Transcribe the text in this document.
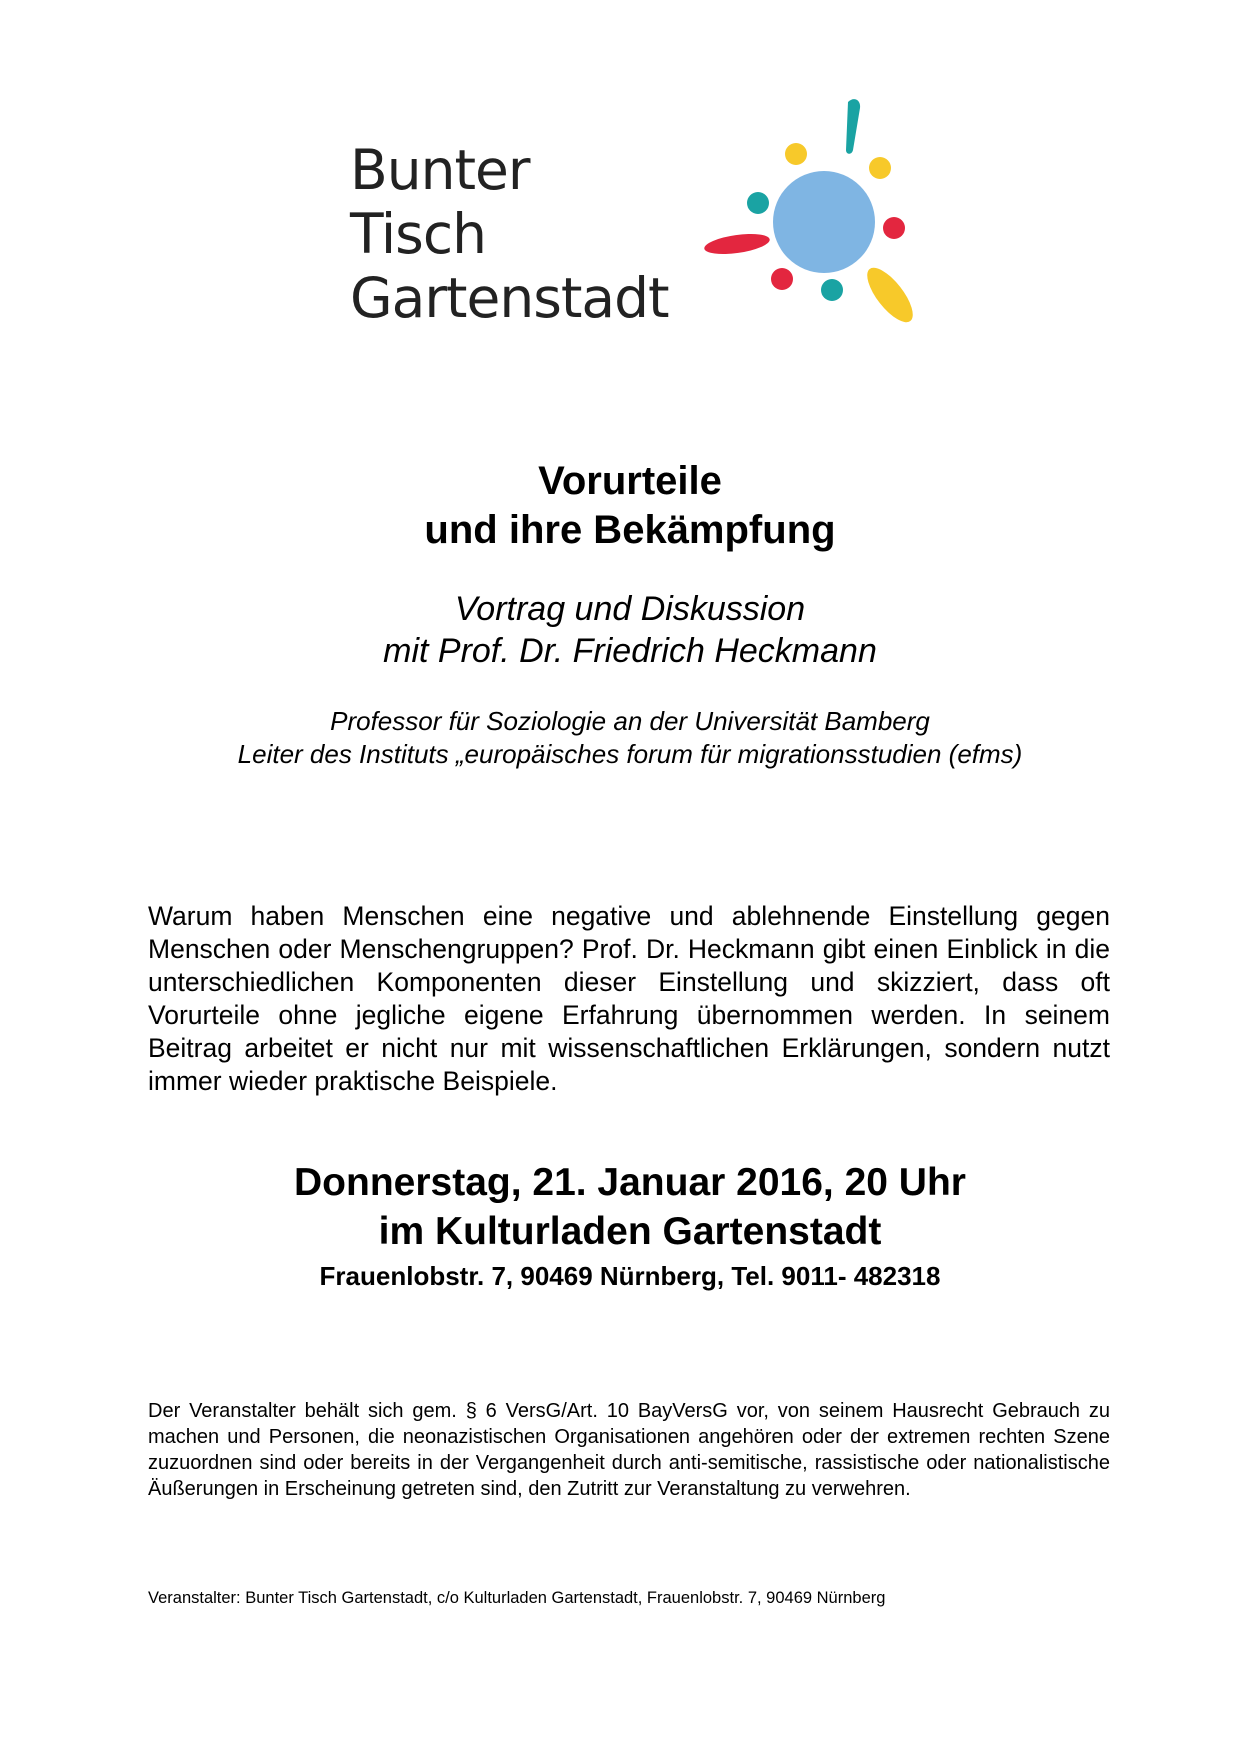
Bunter Tisch
Gartenstadt
Vorurteile
und ihre Bekämpfung
Vortrag und Diskussion
mit Prof. Dr. Friedrich Heckmann
Professor für Soziologie an der Universität Bamberg
Leiter des Instituts „europäisches forum für migrationsstudien (efms)

Warum haben Menschen eine negative und ablehnende Einstellung gegen Menschen oder Menschengruppen? Prof. Dr. Heckmann gibt einen Einblick in die unterschiedlichen Komponenten dieser Einstellung und skizziert, dass oft Vorurteile ohne jegliche eigene Erfahrung übernommen werden. In seinem Beitrag arbeitet er nicht nur mit wissenschaftlichen Erklärungen, sondern nutzt immer wieder praktische Beispiele.

Donnerstag, 21. Januar 2016, 20 Uhr
im Kulturladen Gartenstadt
Frauenlobstr. 7, 90469 Nürnberg, Tel. 9011- 482318

Der Veranstalter behält sich gem. § 6 VersG/Art. 10 BayVersG vor, von seinem Hausrecht Gebrauch zu machen und Personen, die neonazistischen Organisationen angehören oder der extremen rechten Szene zuzuordnen sind oder bereits in der Vergangenheit durch anti-semitische, rassistische oder nationalistische Äußerungen in Erscheinung getreten sind, den Zutritt zur Veranstaltung zu verwehren.

Veranstalter: Bunter Tisch Gartenstadt, c/o Kulturladen Gartenstadt, Frauenlobstr. 7, 90469 Nürnberg
